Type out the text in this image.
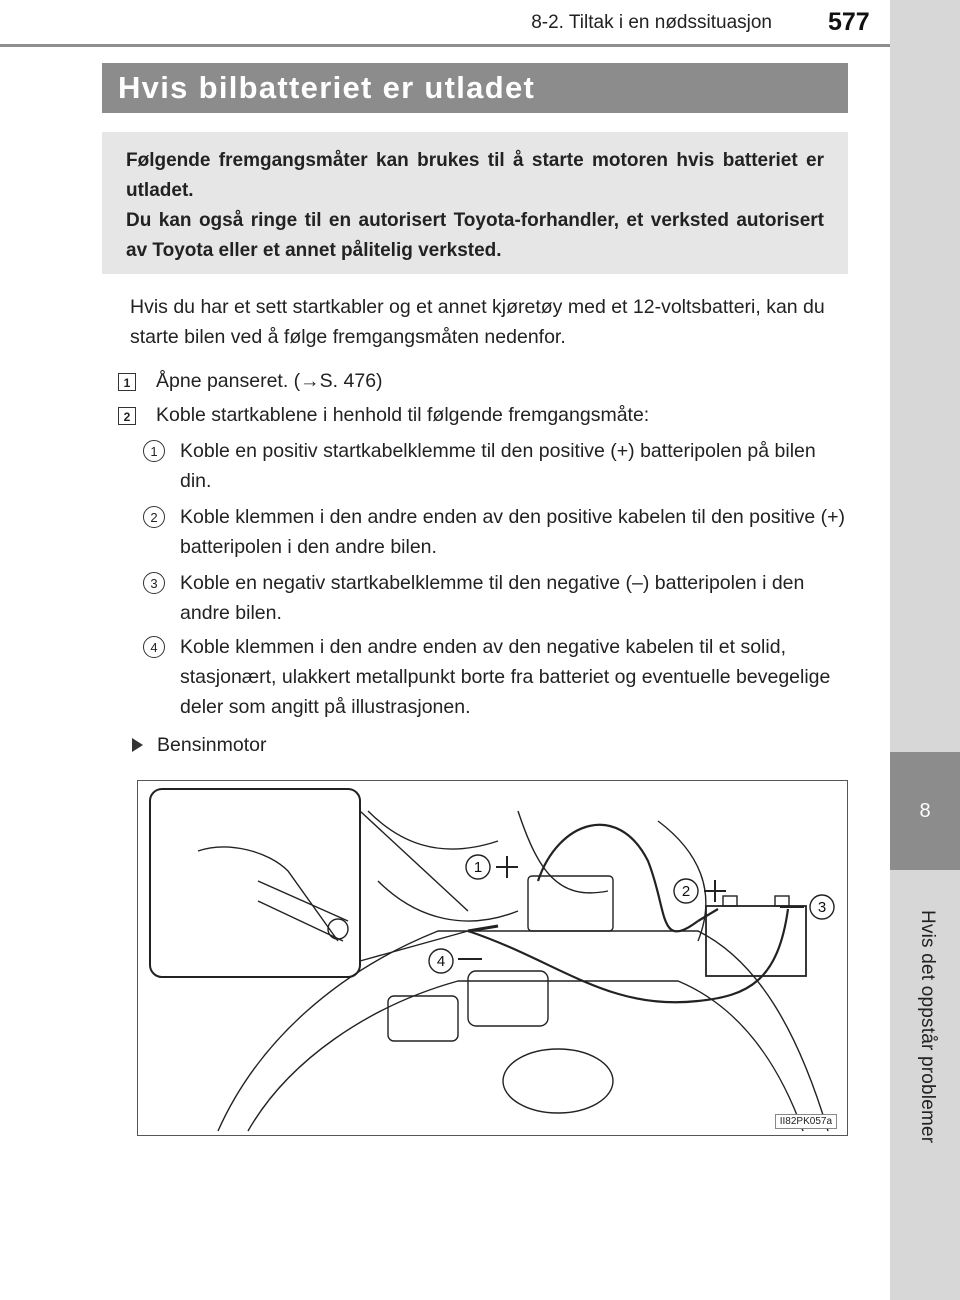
8
Hvis det oppstår problemer
8-2. Tiltak i en nødssituasjon 577
Hvis bilbatteriet er utladet

Følgende fremgangsmåter kan brukes til å starte motoren hvis batteriet er utladet.

Du kan også ringe til en autorisert Toyota-forhandler, et verksted autorisert av Toyota eller et annet pålitelig verksted.

Hvis du har et sett startkabler og et annet kjøretøy med et 12-voltsbatteri, kan du starte bilen ved å følge fremgangsmåten nedenfor.

1 Åpne panseret. (→S. 476)
2 Koble startkablene i henhold til følgende fremgangsmåte:
1	Koble en positiv startkabelklemme til den positive (+) batteripolen på bilen din.
2	Koble klemmen i den andre enden av den positive kabelen til den positive (+) batteripolen i den andre bilen.
3	Koble en negativ startkabelklemme til den negative (–) batteripolen i den andre bilen.
4	Koble klemmen i den andre enden av den negative kabelen til et solid, stasjonært, ulakkert metallpunkt borte fra batteriet og eventuelle bevegelige deler som angitt på illustrasjonen.
Bensinmotor
1
2
3
4
II82PK057a
